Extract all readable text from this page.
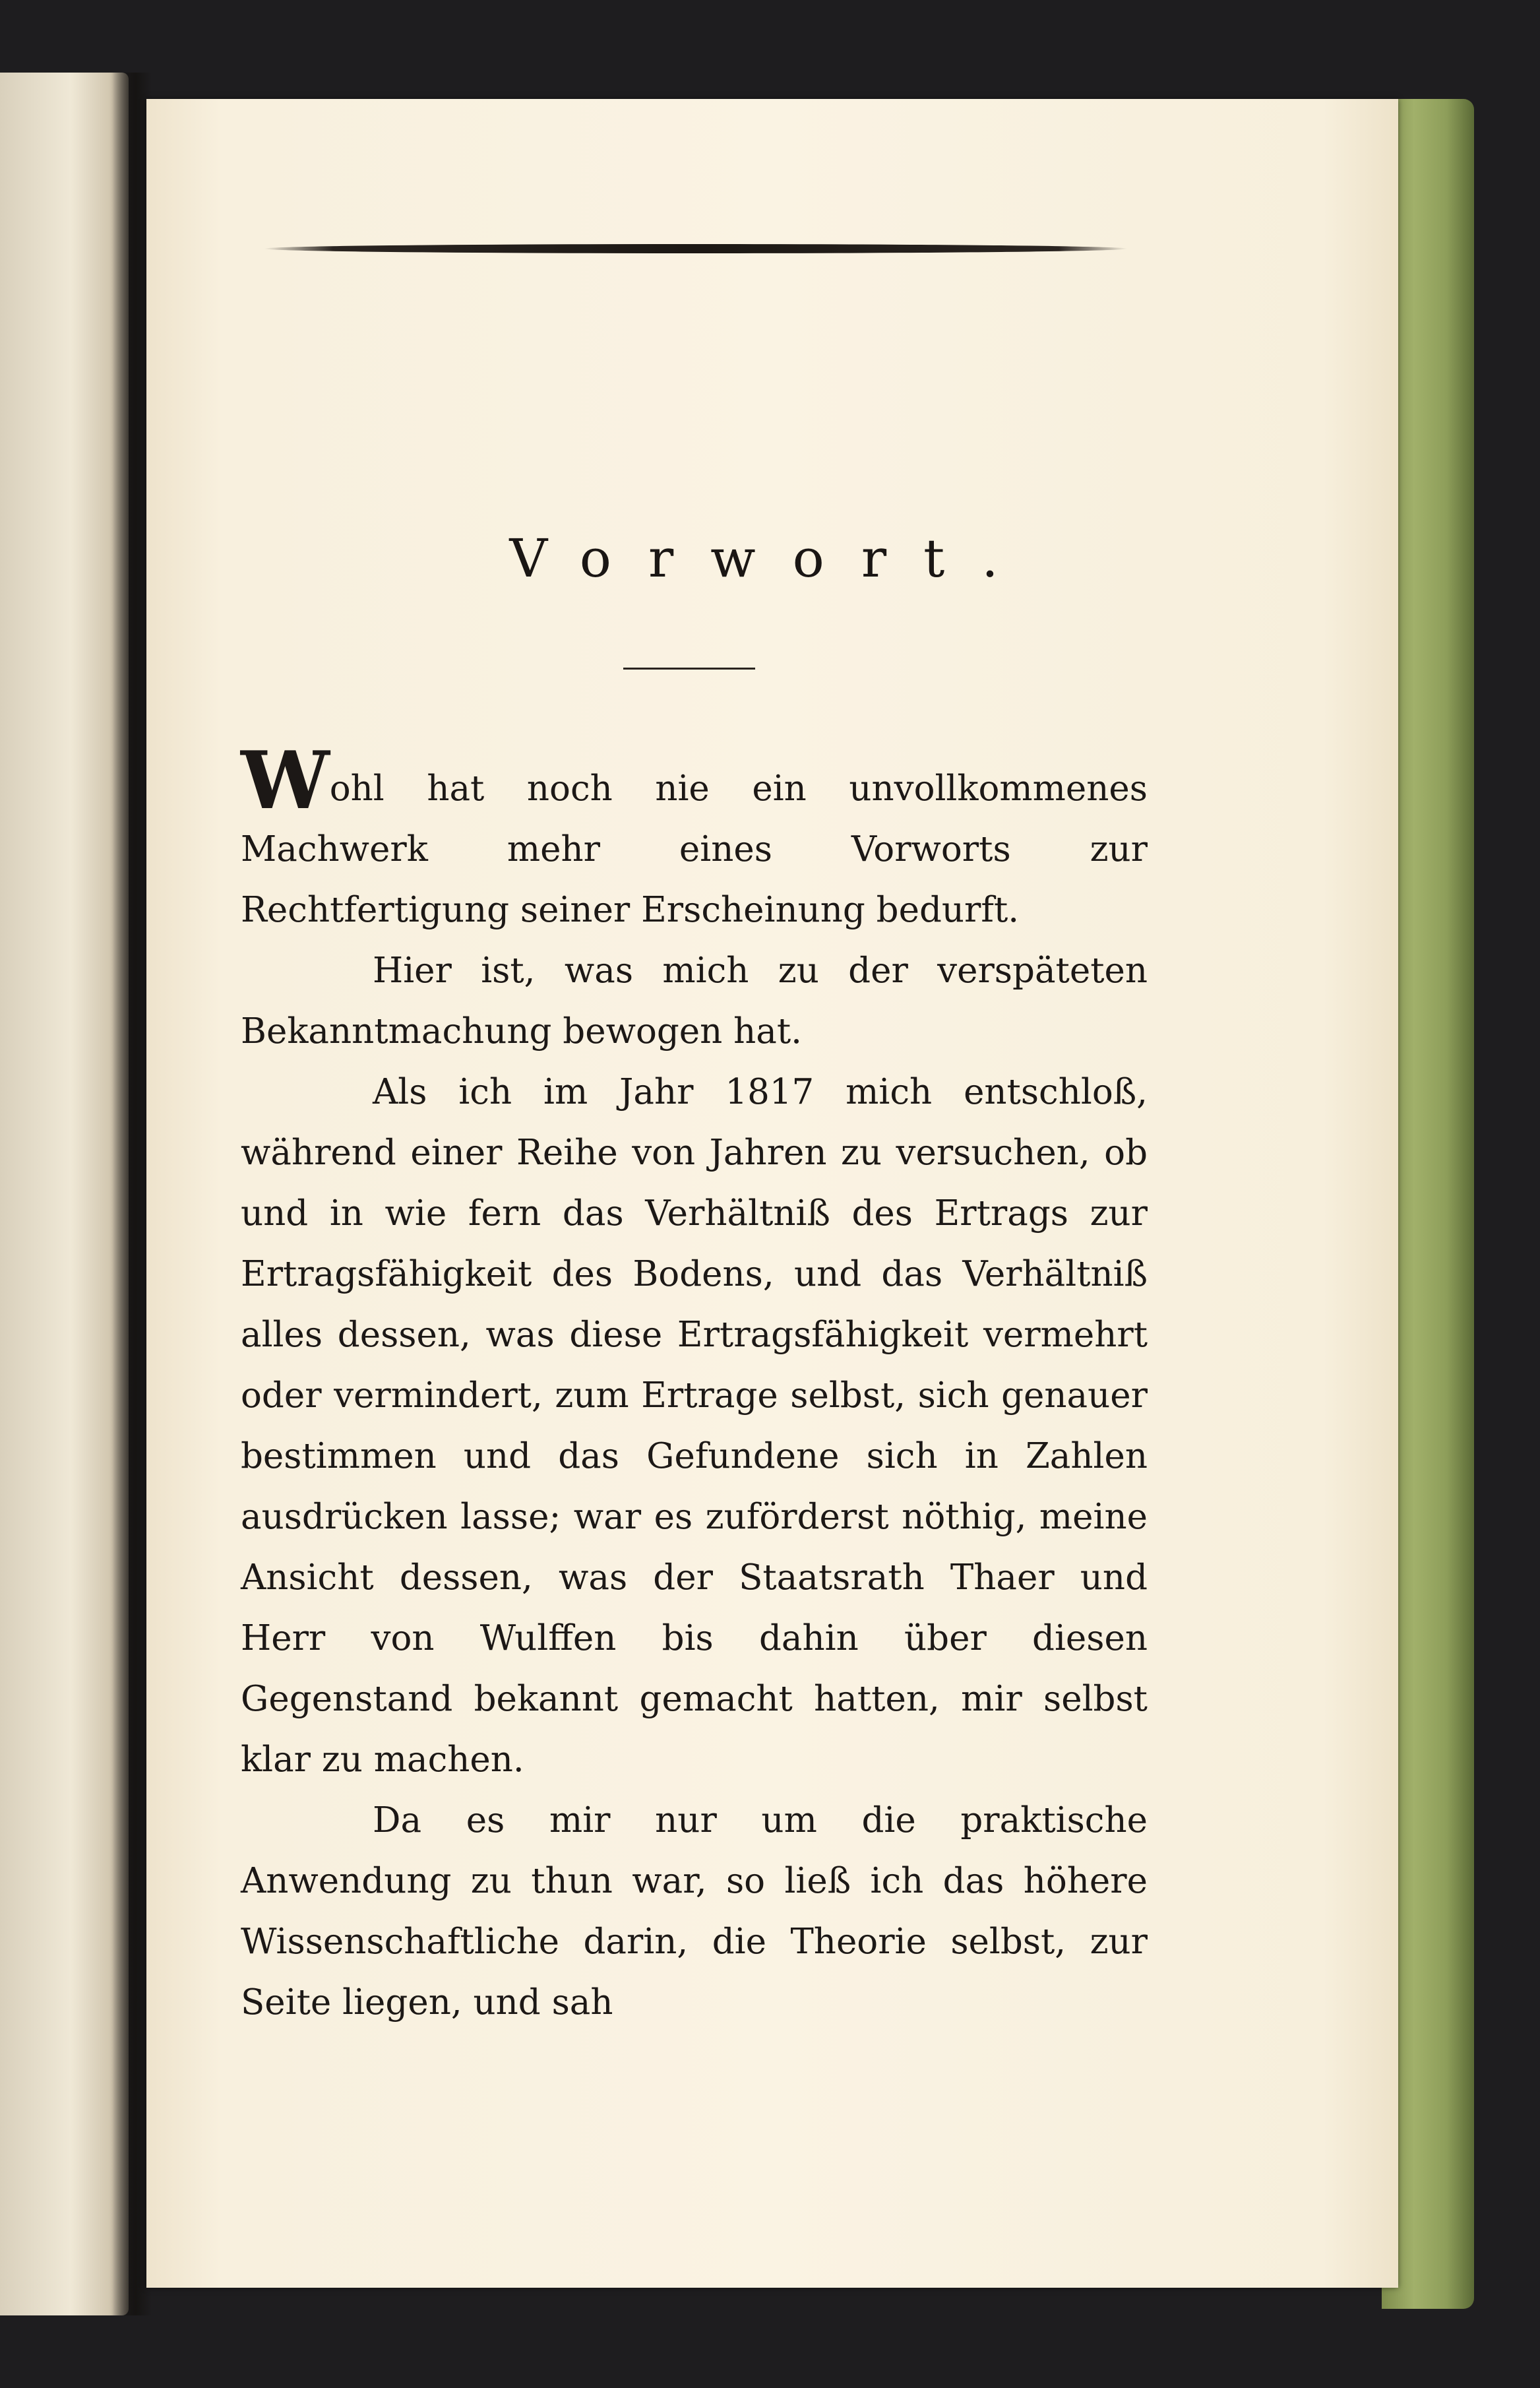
Vorwort.

Wohl hat noch nie ein unvollkommenes Machwerk mehr eines Vorworts zur Rechtfertigung seiner Erscheinung bedurft.

Hier ist, was mich zu der verspäteten Bekanntmachung bewogen hat.

Als ich im Jahr 1817 mich entschloß, während einer Reihe von Jahren zu versuchen, ob und in wie fern das Verhältniß des Ertrags zur Ertragsfähigkeit des Bodens, und das Verhältniß alles dessen, was diese Ertragsfähigkeit vermehrt oder vermindert, zum Ertrage selbst, sich genauer bestimmen und das Gefundene sich in Zahlen ausdrücken lasse; war es zuförderst nöthig, meine Ansicht dessen, was der Staatsrath Thaer und Herr von Wulffen bis dahin über diesen Gegenstand bekannt gemacht hatten, mir selbst klar zu machen.

Da es mir nur um die praktische Anwendung zu thun war, so ließ ich das höhere Wissenschaftliche darin, die Theorie selbst, zur Seite liegen, und sah
